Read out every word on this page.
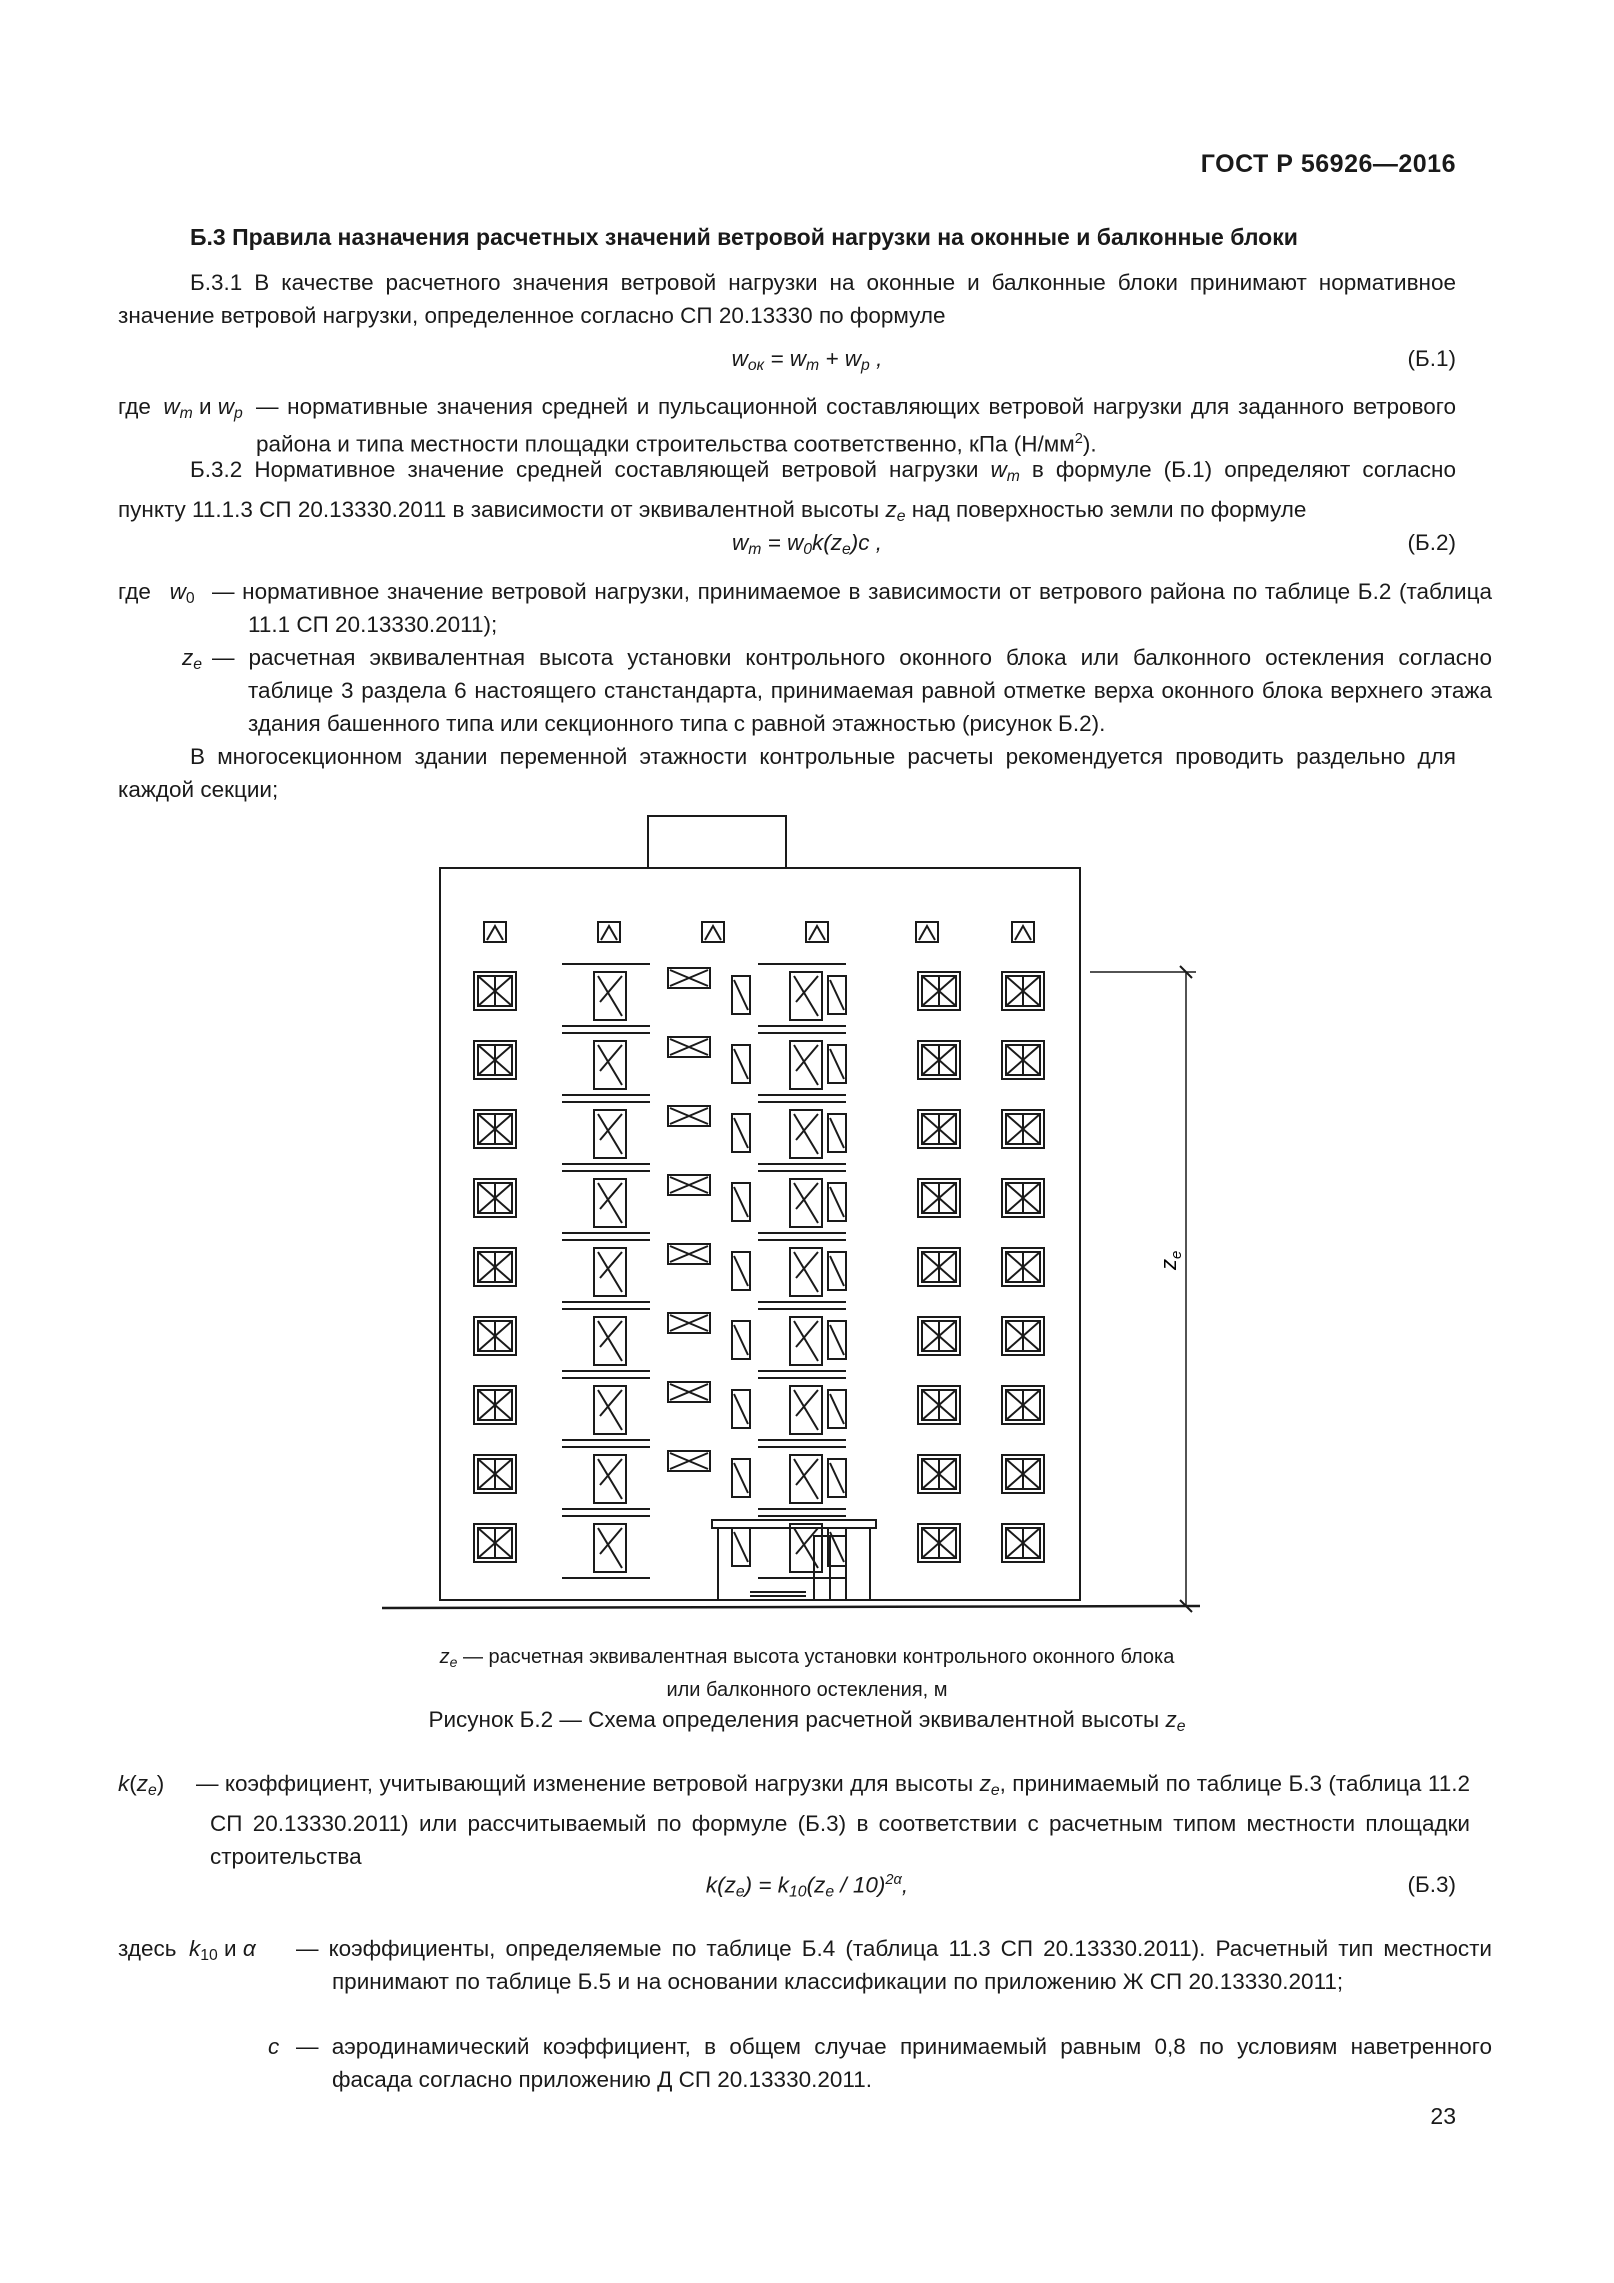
ГОСТ Р 56926—2016
Б.3 Правила назначения расчетных значений ветровой нагрузки на оконные и балконные блоки

Б.3.1 В качестве расчетного значения ветровой нагрузки на оконные и балконные блоки принимают нормативное значение ветровой нагрузки, определенное согласно СП 20.13330 по формуле

$w_{ок} = w_m + w_p$ ,	(Б.1)
где  $w_m$ и $w_p$ — нормативные значения средней и пульсационной составляющих ветровой нагрузки для заданного ветрового района и типа местности площадки строительства соответственно, кПа $(Н/мм^2)$.

Б.3.2 Нормативное значение средней составляющей ветровой нагрузки $w_m$ в формуле (Б.1) определяют согласно пункту 11.1.3 СП 20.13330.2011 в зависимости от эквивалентной высоты $z_e$ над поверхностью земли по формуле

$w_m = w_0k(z_e)c$ ,	(Б.2)
где   $w_0$ — нормативное значение ветровой нагрузки, принимаемое в зависимости от ветрового района по таблице Б.2 (таблица 11.1 СП 20.13330.2011);
$z_e$ — расчетная эквивалентная высота установки контрольного оконного блока или балконного остекления согласно таблице 3 раздела 6 настоящего станстандарта, принимаемая равной отметке верха оконного блока верхнего этажа здания башенного типа или секционного типа с равной этажностью (рисунок Б.2).

В многосекционном здании переменной этажности контрольные расчеты рекомендуется проводить раздельно для каждой секции;

$z_e$
$z_e$ — расчетная эквивалентная высота установки контрольного оконного блока
или балконного остекления, м
Рисунок Б.2 — Схема определения расчетной эквивалентной высоты $z_e$
$k(z_e)$ — коэффициент, учитывающий изменение ветровой нагрузки для высоты $z_e$, принимаемый по таблице Б.3 (таблица 11.2 СП 20.13330.2011) или рассчитываемый по формуле (Б.3) в соответствии с расчетным типом местности площадки строительства
$k(z_e) = k_{10}(z_e / 10)^{2\alpha}$,	(Б.3)
здесь $k_{10}$ и α — коэффициенты, определяемые по таблице Б.4 (таблица 11.3 СП 20.13330.2011). Расчетный тип местности принимают по таблице Б.5 и на основании классификации по приложению Ж СП 20.13330.2011;
c — аэродинамический коэффициент, в общем случае принимаемый равным 0,8 по условиям наветренного фасада согласно приложению Д СП 20.13330.2011.
23
